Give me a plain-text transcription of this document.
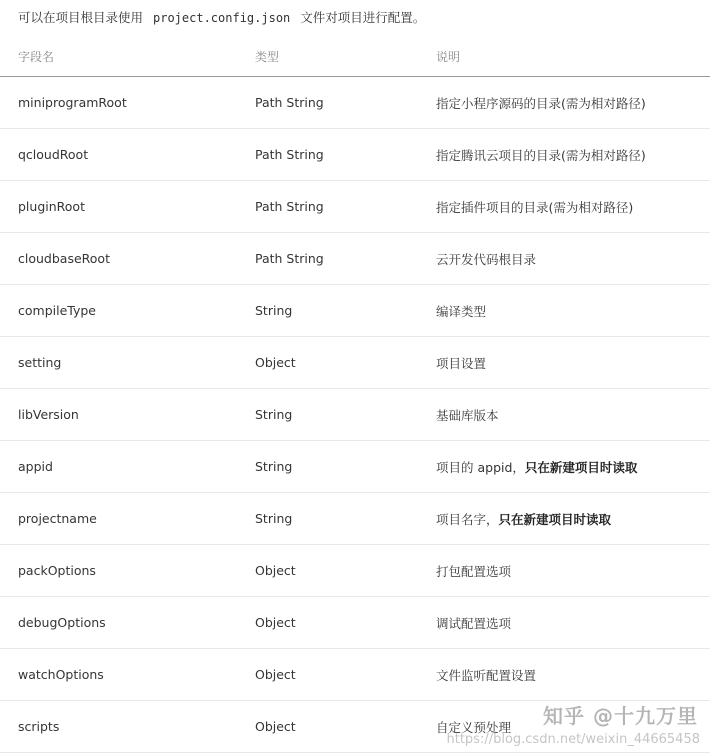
可以在项目根目录使用 project.config.json 文件对项目进行配置。
字段名	类型	说明
miniprogramRoot	Path String	指定小程序源码的目录(需为相对路径)
qcloudRoot	Path String	指定腾讯云项目的目录(需为相对路径)
pluginRoot	Path String	指定插件项目的目录(需为相对路径)
cloudbaseRoot	Path String	云开发代码根目录
compileType	String	编译类型
setting	Object	项目设置
libVersion	String	基础库版本
appid	String	项目的 appid，只在新建项目时读取
projectname	String	项目名字，只在新建项目时读取
packOptions	Object	打包配置选项
debugOptions	Object	调试配置选项
watchOptions	Object	文件监听配置设置
scripts	Object	自定义预处理 知乎 @十九万里
https://blog.csdn.net/weixin_44665458
